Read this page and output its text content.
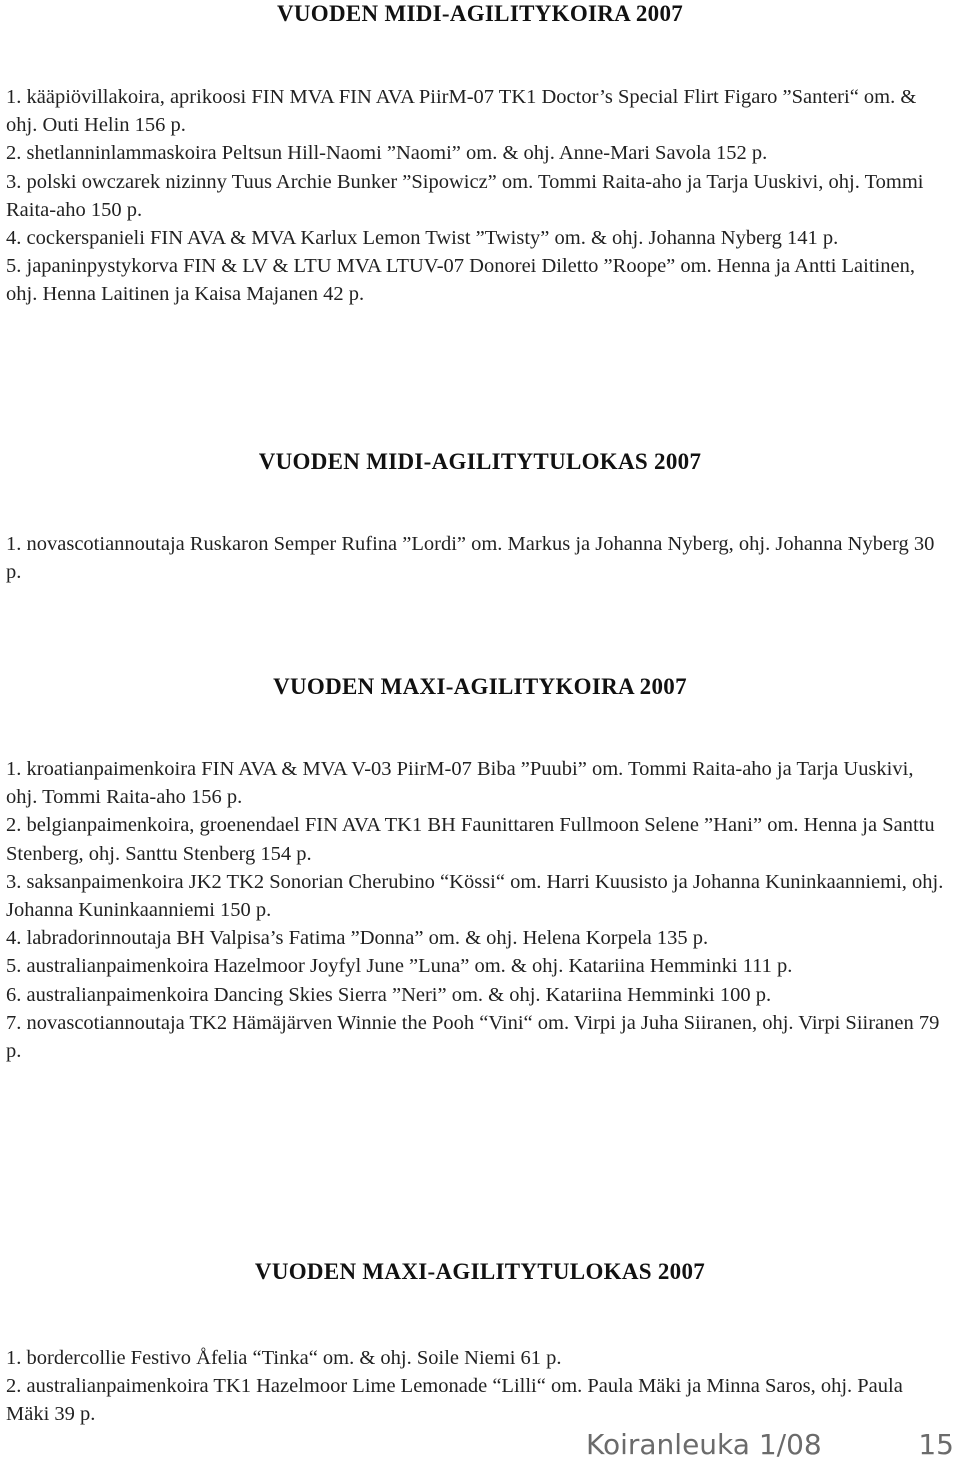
VUODEN MIDI-AGILITYKOIRA 2007

1. kääpiövillakoira, aprikoosi FIN MVA FIN AVA PiirM-07 TK1 Doctor’s Special Flirt Figaro ”Santeri“ om. & ohj. Outi Helin 156 p.

2. shetlanninlammaskoira Peltsun Hill-Naomi ”Naomi” om. & ohj. Anne-Mari Savola 152 p.

3. polski owczarek nizinny Tuus Archie Bunker ”Sipowicz” om. Tommi Raita-aho ja Tarja Uuskivi, ohj. Tommi Raita-aho 150 p.

4. cockerspanieli FIN AVA & MVA Karlux Lemon Twist ”Twisty” om. & ohj. Johanna Nyberg 141 p.

5. japaninpystykorva FIN & LV & LTU MVA LTUV-07 Donorei Diletto ”Roope” om. Henna ja Antti Laitinen, ohj. Henna Laitinen ja Kaisa Majanen 42 p.

VUODEN MIDI-AGILITYTULOKAS 2007

1. novascotiannoutaja Ruskaron Semper Rufina ”Lordi” om. Markus ja Johanna Nyberg, ohj. Johanna Nyberg 30 p.

VUODEN MAXI-AGILITYKOIRA 2007

1. kroatianpaimenkoira FIN AVA & MVA V-03 PiirM-07 Biba ”Puubi” om. Tommi Raita-aho ja Tarja Uuskivi, ohj. Tommi Raita-aho 156 p.

2. belgianpaimenkoira, groenendael FIN AVA TK1 BH Faunittaren Fullmoon Selene ”Hani” om. Henna ja Santtu Stenberg, ohj. Santtu Stenberg 154 p.

3. saksanpaimenkoira JK2 TK2 Sonorian Cherubino “Kössi“ om. Harri Kuusisto ja Johanna Kuninkaanniemi, ohj. Johanna Kuninkaanniemi 150 p.

4. labradorinnoutaja BH Valpisa’s Fatima ”Donna” om. & ohj. Helena Korpela 135 p.

5. australianpaimenkoira Hazelmoor Joyfyl June ”Luna” om. & ohj. Katariina Hemminki 111 p.

6. australianpaimenkoira Dancing Skies Sierra ”Neri” om. & ohj. Katariina Hemminki 100 p.

7. novascotiannoutaja TK2 Hämäjärven Winnie the Pooh “Vini“ om. Virpi ja Juha Siiranen, ohj. Virpi Siiranen 79 p.

VUODEN MAXI-AGILITYTULOKAS 2007

1. bordercollie Festivo Åfelia “Tinka“ om. & ohj. Soile Niemi 61 p.

2. australianpaimenkoira TK1 Hazelmoor Lime Lemonade “Lilli“ om. Paula Mäki ja Minna Saros, ohj. Paula Mäki 39 p.

Koiranleuka 1/08	15
